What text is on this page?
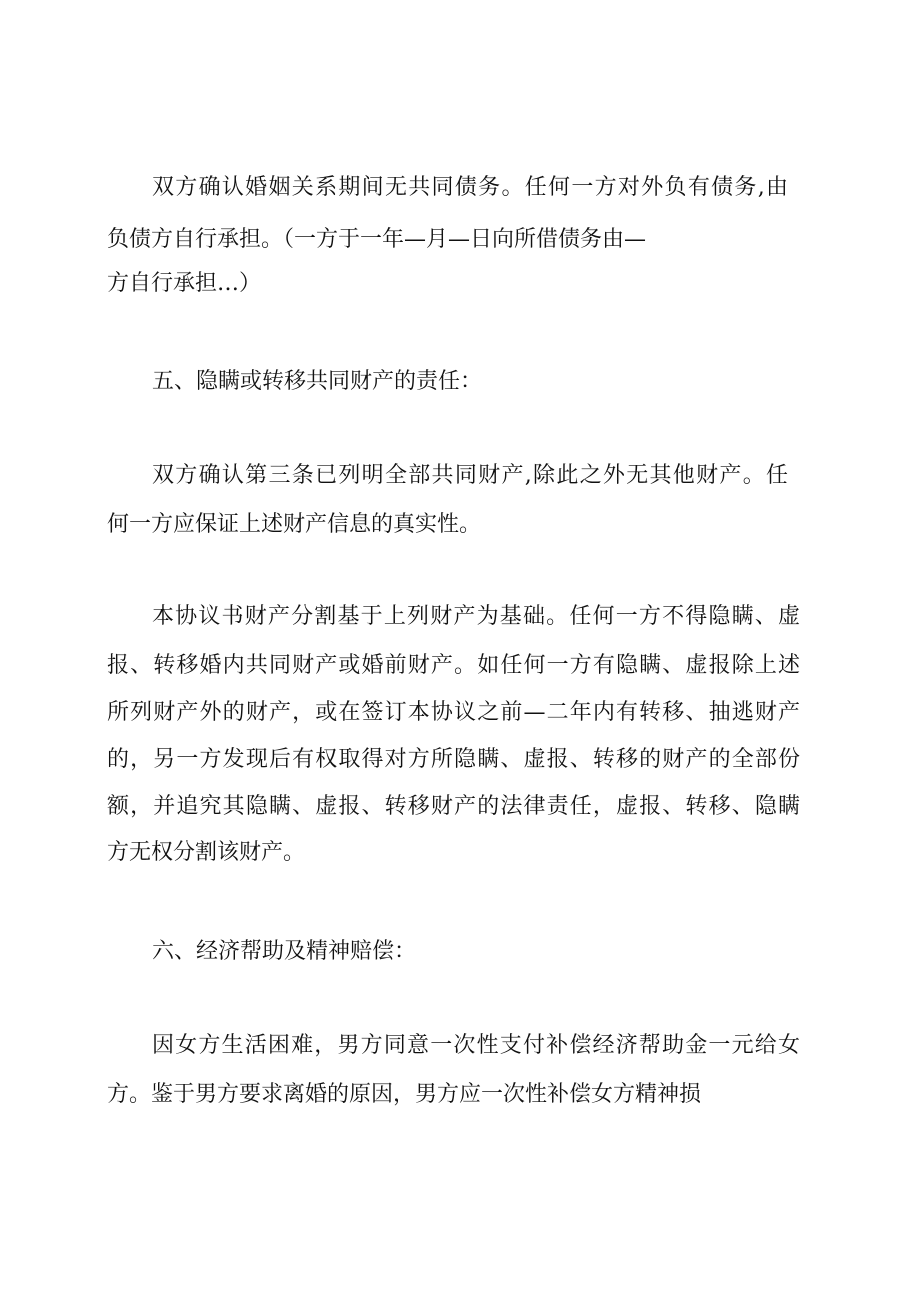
双方确认婚姻关系期间无共同债务。任何一方对外负有债务,由
负债方自行承担。（一方于一年—月—日向所借债务由—
方自行承担…）
五、隐瞒或转移共同财产的责任：
双方确认第三条已列明全部共同财产,除此之外无其他财产。任
何一方应保证上述财产信息的真实性。
本协议书财产分割基于上列财产为基础。任何一方不得隐瞒、虚
报、转移婚内共同财产或婚前财产。如任何一方有隐瞒、虚报除上述
所列财产外的财产，或在签订本协议之前—二年内有转移、抽逃财产
的，另一方发现后有权取得对方所隐瞒、虚报、转移的财产的全部份
额，并追究其隐瞒、虚报、转移财产的法律责任，虚报、转移、隐瞒
方无权分割该财产。
六、经济帮助及精神赔偿：
因女方生活困难，男方同意一次性支付补偿经济帮助金一元给女
方。鉴于男方要求离婚的原因，男方应一次性补偿女方精神损
